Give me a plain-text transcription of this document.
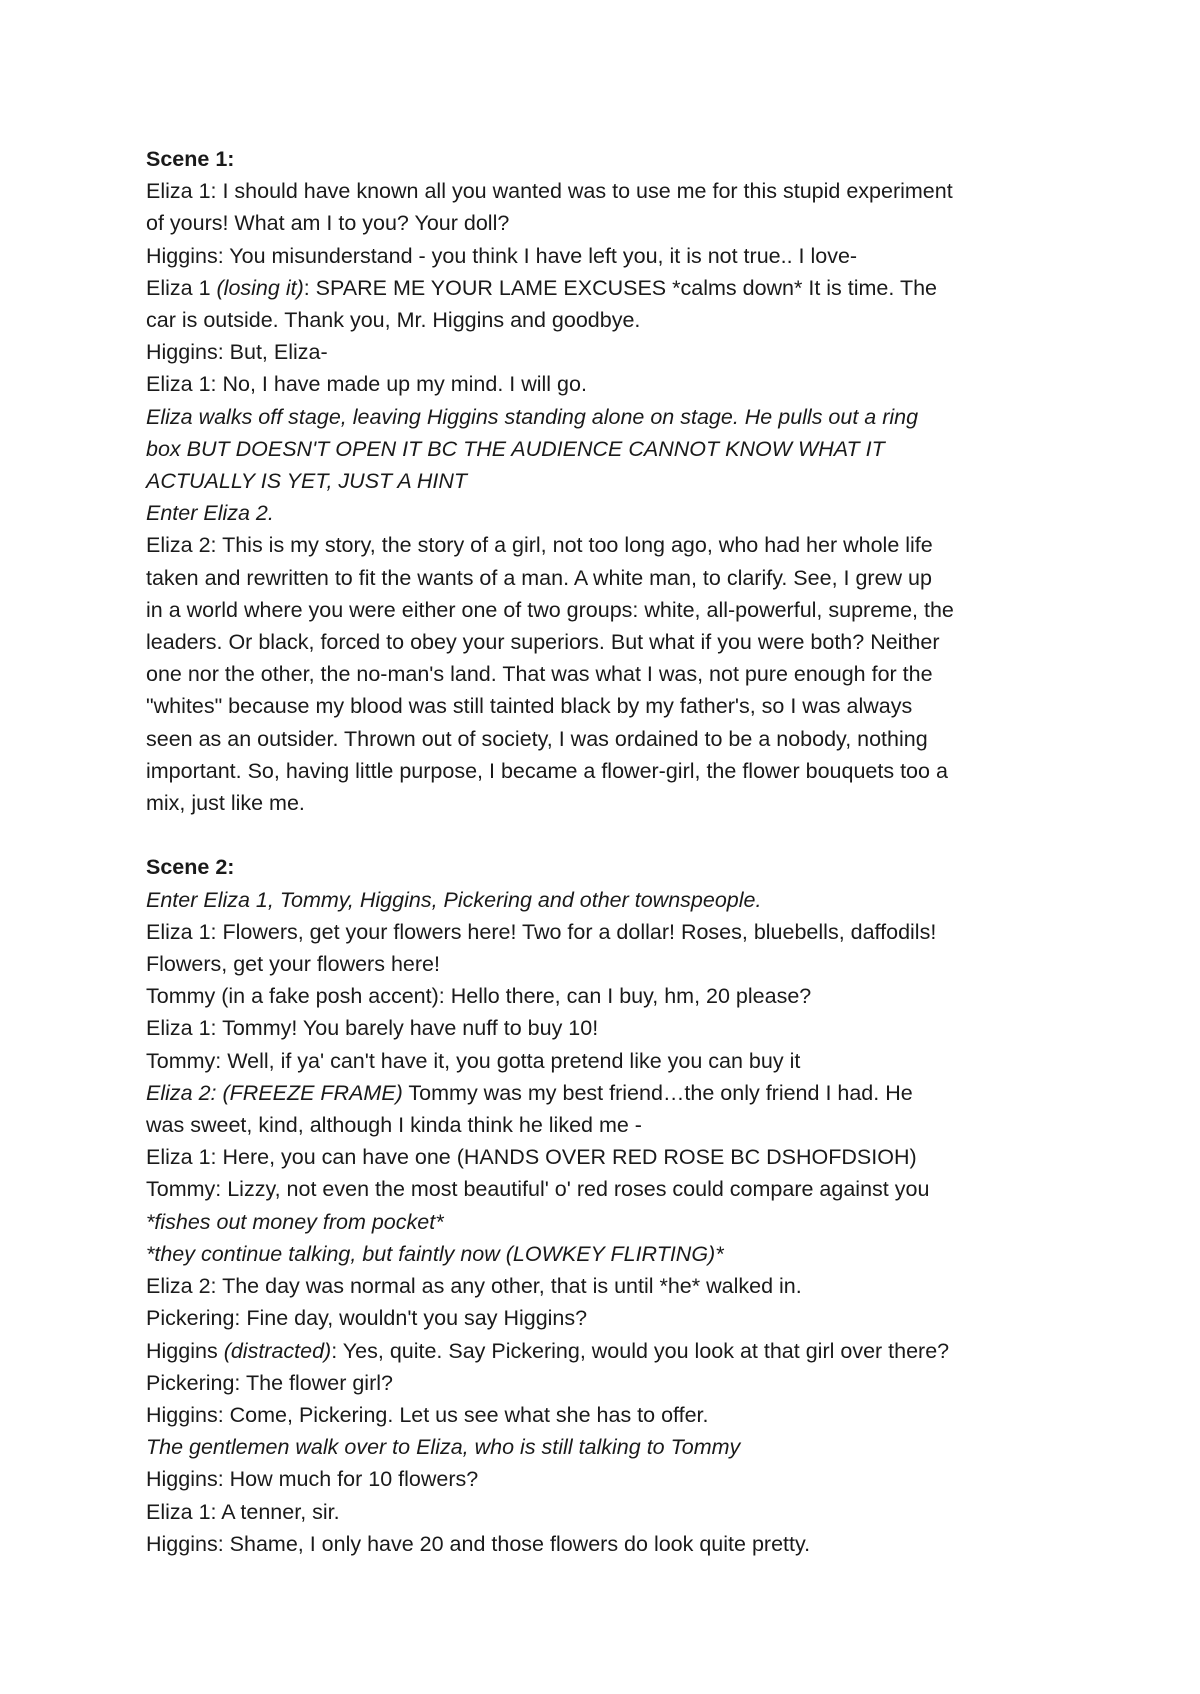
Scene 1:

Eliza 1: I should have known all you wanted was to use me for this stupid experiment

of yours! What am I to you? Your doll?

Higgins: You misunderstand - you think I have left you, it is not true.. I love-

Eliza 1 (losing it): SPARE ME YOUR LAME EXCUSES *calms down* It is time. The

car is outside. Thank you, Mr. Higgins and goodbye.

Higgins: But, Eliza-

Eliza 1: No, I have made up my mind. I will go.

Eliza walks off stage, leaving Higgins standing alone on stage. He pulls out a ring

box BUT DOESN'T OPEN IT BC THE AUDIENCE CANNOT KNOW WHAT IT

ACTUALLY IS YET, JUST A HINT

Enter Eliza 2.

Eliza 2: This is my story, the story of a girl, not too long ago, who had her whole life

taken and rewritten to fit the wants of a man. A white man, to clarify. See, I grew up

in a world where you were either one of two groups: white, all-powerful, supreme, the

leaders. Or black, forced to obey your superiors. But what if you were both? Neither

one nor the other, the no-man's land. That was what I was, not pure enough for the

"whites" because my blood was still tainted black by my father's, so I was always

seen as an outsider. Thrown out of society, I was ordained to be a nobody, nothing

important. So, having little purpose, I became a flower-girl, the flower bouquets too a

mix, just like me.

Scene 2:

Enter Eliza 1, Tommy, Higgins, Pickering and other townspeople.

Eliza 1: Flowers, get your flowers here! Two for a dollar! Roses, bluebells, daffodils!

Flowers, get your flowers here!

Tommy (in a fake posh accent): Hello there, can I buy, hm, 20 please?

Eliza 1: Tommy! You barely have nuff to buy 10!

Tommy: Well, if ya' can't have it, you gotta pretend like you can buy it

Eliza 2: (FREEZE FRAME) Tommy was my best friend…the only friend I had. He

was sweet, kind, although I kinda think he liked me -

Eliza 1: Here, you can have one (HANDS OVER RED ROSE BC DSHOFDSIOH)

Tommy: Lizzy, not even the most beautiful' o' red roses could compare against you

*fishes out money from pocket*

*they continue talking, but faintly now (LOWKEY FLIRTING)*

Eliza 2: The day was normal as any other, that is until *he* walked in.

Pickering: Fine day, wouldn't you say Higgins?

Higgins (distracted): Yes, quite. Say Pickering, would you look at that girl over there?

Pickering: The flower girl?

Higgins: Come, Pickering. Let us see what she has to offer.

The gentlemen walk over to Eliza, who is still talking to Tommy

Higgins: How much for 10 flowers?

Eliza 1: A tenner, sir.

Higgins: Shame, I only have 20 and those flowers do look quite pretty.
